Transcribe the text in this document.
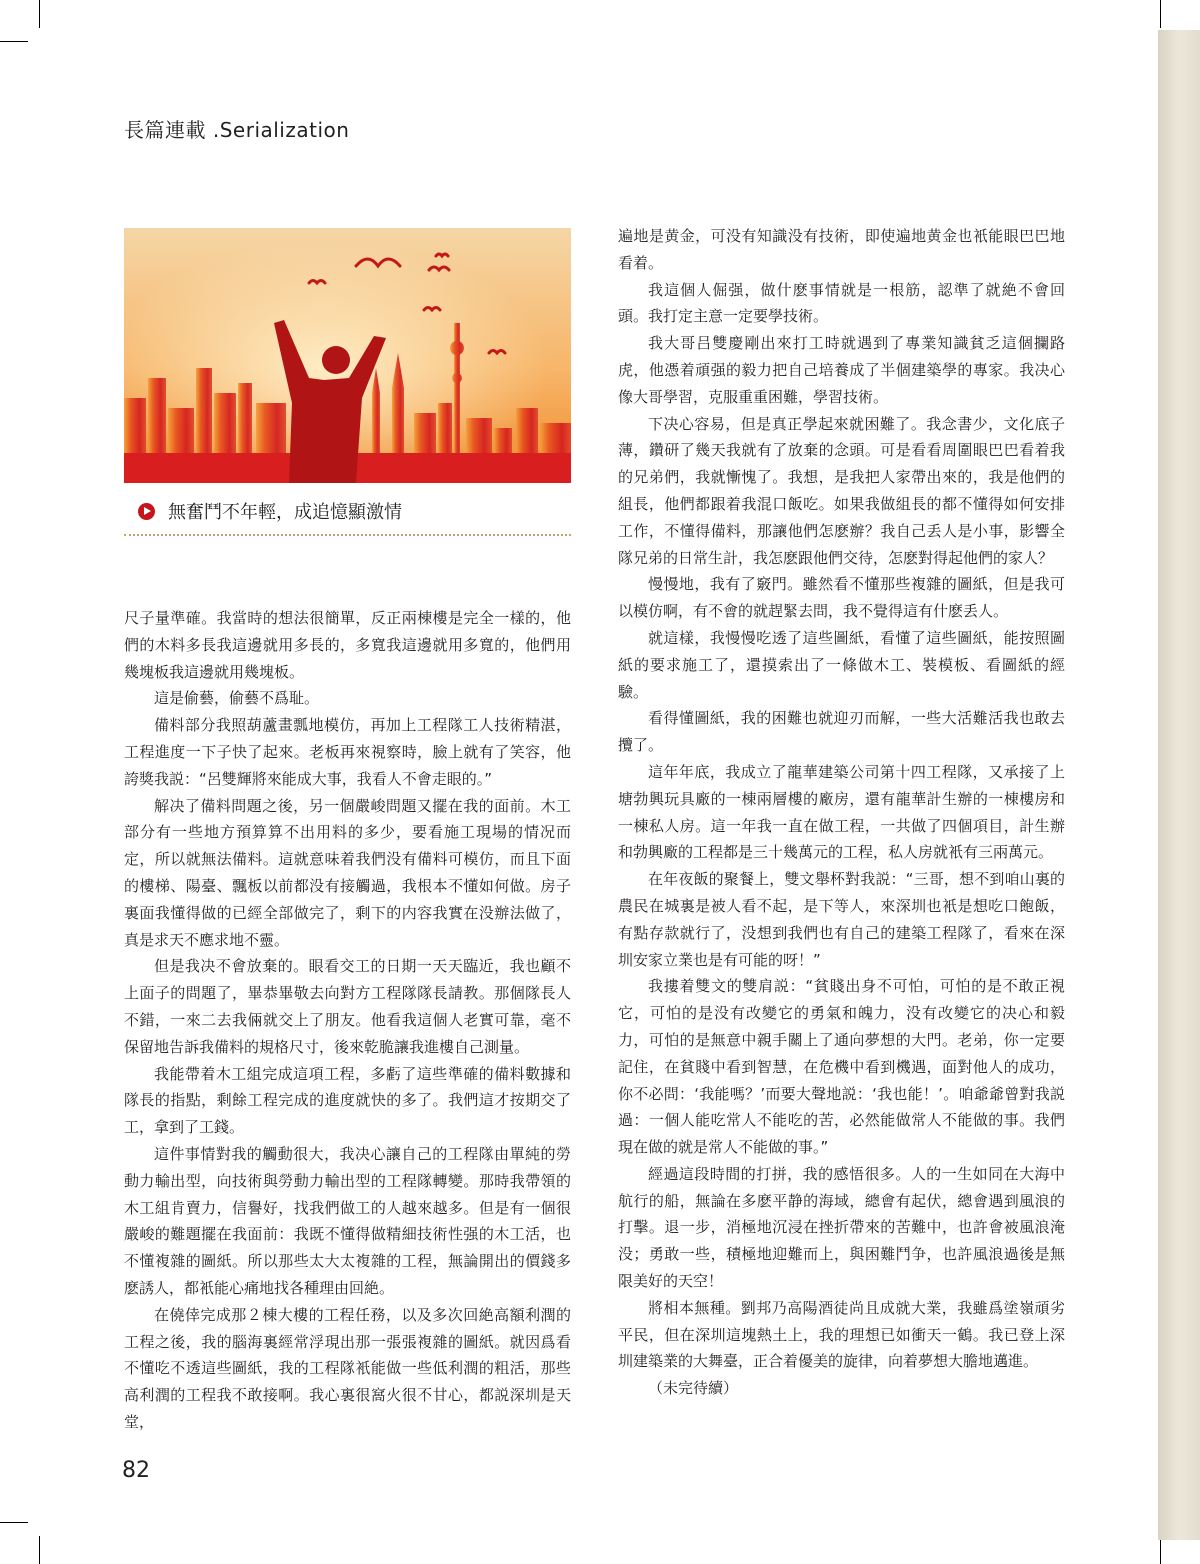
長篇連載 .Serialization
無奮鬥不年輕，成追憶顯激情

尺子量準確。我當時的想法很簡單，反正兩棟樓是完全一樣的，他們的木料多長我這邊就用多長的，多寬我這邊就用多寬的，他們用幾塊板我這邊就用幾塊板。

這是偷藝，偷藝不爲耻。

備料部分我照葫蘆畫瓢地模仿，再加上工程隊工人技術精湛，工程進度一下子快了起來。老板再來視察時，臉上就有了笑容，他誇獎我説：“呂雙輝將來能成大事，我看人不會走眼的。”

解决了備料問題之後，另一個嚴峻問題又擺在我的面前。木工部分有一些地方預算算不出用料的多少，要看施工現場的情况而定，所以就無法備料。這就意味着我們没有備料可模仿，而且下面的樓梯、陽臺、飄板以前都没有接觸過，我根本不懂如何做。房子裏面我懂得做的已經全部做完了，剩下的内容我實在没辦法做了，真是求天不應求地不靈。

但是我决不會放棄的。眼看交工的日期一天天臨近，我也顧不上面子的問題了，畢恭畢敬去向對方工程隊隊長請教。那個隊長人不錯，一來二去我倆就交上了朋友。他看我這個人老實可靠，毫不保留地告訴我備料的規格尺寸，後來乾脆讓我進樓自己測量。

我能帶着木工組完成這項工程，多虧了這些準確的備料數據和隊長的指點，剩餘工程完成的進度就快的多了。我們這才按期交了工，拿到了工錢。

這件事情對我的觸動很大，我决心讓自己的工程隊由單純的勞動力輸出型，向技術與勞動力輸出型的工程隊轉變。那時我帶領的木工組肯賣力，信譽好，找我們做工的人越來越多。但是有一個很嚴峻的難題擺在我面前：我既不懂得做精細技術性强的木工活，也不懂複雜的圖紙。所以那些太大太複雜的工程，無論開出的價錢多麽誘人，都衹能心痛地找各種理由回絶。

在僥倖完成那２棟大樓的工程任務，以及多次回絶高額利潤的工程之後，我的腦海裏經常浮現出那一張張複雜的圖紙。就因爲看不懂吃不透這些圖紙，我的工程隊衹能做一些低利潤的粗活，那些高利潤的工程我不敢接啊。我心裏很窩火很不甘心，都説深圳是天堂，

遍地是黄金，可没有知識没有技術，即使遍地黄金也衹能眼巴巴地看着。

我這個人倔强，做什麽事情就是一根筋，認準了就絶不會回頭。我打定主意一定要學技術。

我大哥吕雙慶剛出來打工時就遇到了專業知識貧乏這個攔路虎，他憑着頑强的毅力把自己培養成了半個建築學的專家。我决心像大哥學習，克服重重困難，學習技術。

下决心容易，但是真正學起來就困難了。我念書少，文化底子薄，鑽研了幾天我就有了放棄的念頭。可是看看周圍眼巴巴看着我的兄弟們，我就慚愧了。我想，是我把人家帶出來的，我是他們的組長，他們都跟着我混口飯吃。如果我做組長的都不懂得如何安排工作，不懂得備料，那讓他們怎麽辦？我自己丢人是小事，影響全隊兄弟的日常生計，我怎麽跟他們交待，怎麽對得起他們的家人？

慢慢地，我有了竅門。雖然看不懂那些複雜的圖紙，但是我可以模仿啊，有不會的就趕緊去問，我不覺得這有什麽丢人。

就這樣，我慢慢吃透了這些圖紙，看懂了這些圖紙，能按照圖紙的要求施工了，還摸索出了一條做木工、裝模板、看圖紙的經驗。

看得懂圖紙，我的困難也就迎刃而解，一些大活難活我也敢去攬了。

這年年底，我成立了龍華建築公司第十四工程隊，又承接了上塘勃興玩具廠的一棟兩層樓的廠房，還有龍華計生辦的一棟樓房和一棟私人房。這一年我一直在做工程，一共做了四個項目，計生辦和勃興廠的工程都是三十幾萬元的工程，私人房就衹有三兩萬元。

在年夜飯的聚餐上，雙文舉杯對我説：“三哥，想不到咱山裏的農民在城裏是被人看不起，是下等人，來深圳也衹是想吃口飽飯，有點存款就行了，没想到我們也有自己的建築工程隊了，看來在深圳安家立業也是有可能的呀！”

我摟着雙文的雙肩説：“貧賤出身不可怕，可怕的是不敢正視它，可怕的是没有改變它的勇氣和魄力，没有改變它的决心和毅力，可怕的是無意中親手關上了通向夢想的大門。老弟，你一定要記住，在貧賤中看到智慧，在危機中看到機遇，面對他人的成功，你不必問：‘我能嗎？’而要大聲地説：‘我也能！’。咱爺爺曾對我説過：一個人能吃常人不能吃的苦，必然能做常人不能做的事。我們現在做的就是常人不能做的事。”

經過這段時間的打拼，我的感悟很多。人的一生如同在大海中航行的船，無論在多麽平静的海域，總會有起伏，總會遇到風浪的打擊。退一步，消極地沉浸在挫折帶來的苦難中，也許會被風浪淹没；勇敢一些，積極地迎難而上，與困難鬥争，也許風浪過後是無限美好的天空！

將相本無種。劉邦乃高陽酒徒尚且成就大業，我雖爲塗嶺頑劣平民，但在深圳這塊熱土上，我的理想已如衝天一鶴。我已登上深圳建築業的大舞臺，正合着優美的旋律，向着夢想大膽地邁進。

（未完待續）

82
